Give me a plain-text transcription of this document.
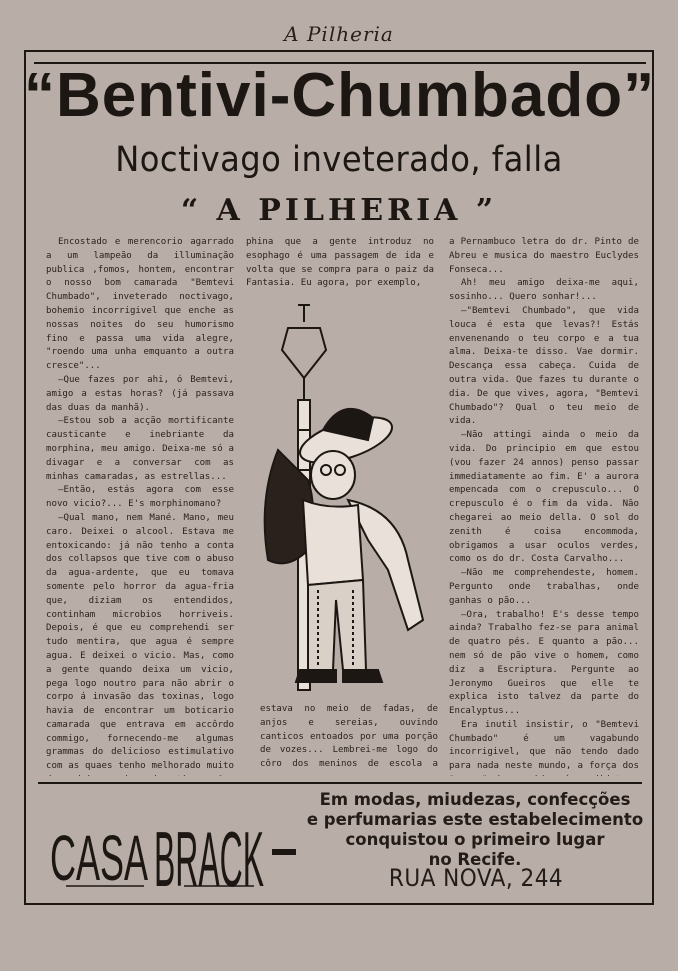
A Pilheria
“Bentivi-Chumbado”
Noctivago inveterado, falla
“ A PILHERIA ”

Encostado e merencorio agarrado a um lampeão da illuminação publica ,fomos, hontem, encontrar o nosso bom camarada "Bemtevi Chumbado", inveterado noctivago, bohemio incorrigivel que enche as nossas noites do seu humorismo fino e passa uma vida alegre, "roendo uma unha emquanto a outra cresce"...

—Que fazes por ahi, ó Bemtevi, amigo a estas horas? (já passava das duas da manhã).

—Estou sob a acção mortificante causticante e inebriante da morphina, meu amigo. Deixa-me só a divagar e a conversar com as minhas camaradas, as estrellas...

—Então, estás agora com esse novo vicio?... E's morphinomano?

—Qual mano, nem Mané. Mano, meu caro. Deixei o alcool. Estava me entoxicando: já não tenho a conta dos collapsos que tive com o abuso da agua-ardente, que eu tomava somente pelo horror da agua-fria que, diziam os entendidos, continham microbios horriveis. Depois, é que eu comprehendi ser tudo mentira, que agua é sempre agua. E deixei o vicio. Mas, como a gente quando deixa um vicio, pega logo noutro para não abrir o corpo á invasão das toxinas, logo havia de encontrar um boticario camarada que entrava em accôrdo commigo, fornecendo-me algumas grammas do delicioso estimulativo com as quaes tenho melhorado muito

phina que a gente introduz no esophago é uma passagem de ida e volta que se compra para o paiz da Fantasia. Eu agora, por exemplo,

estava no meio de fadas, de anjos e sereias, ouvindo canticos entoados por uma porção de vozes... Lembrei-me logo do côro dos meninos de escola a

a Pernambuco letra do dr. Pinto de Abreu e musica do maestro Euclydes Fonseca...

Ah! meu amigo deixa-me aqui, sosinho... Quero sonhar!...

—"Bemtevi Chumbado", que vida louca é esta que levas?! Estás envenenando o teu corpo e a tua alma. Deixa-te disso. Vae dormir. Descança essa cabeça. Cuida de outra vida. Que fazes tu durante o dia. De que vives, agora, "Bemtevi Chumbado"? Qual o teu meio de vida.

—Não attingi ainda o meio da vida. Do principio em que estou (vou fazer 24 annos) penso passar immediatamente ao fim. E' a aurora empencada com o crepusculo... O crepusculo é o fim da vida. Não chegarei ao meio della. O sol do zenith é coisa encommoda, obrigamos a usar oculos verdes, como os do dr. Costa Carvalho...

—Não me comprehendeste, homem. Pergunto onde trabalhas, onde ganhas o pão...

—Ora, trabalho! E's desse tempo ainda? Trabalho fez-se para animal de quatro pés. E quanto a pão... nem só de pão vive o homem, como diz a Escriptura. Pergunte ao Jeronymo Gueiros que elle te explica isto talvez da parte do Encalyptus...

Era inutil insistir, o "Bemtevi Chumbado" é um vagabundo incorrigivel, que não tendo dado para nada neste mundo, a força dos

CASA BRACK
Em modas, miudezas, confecções
e perfumarias este estabelecimento
conquistou o primeiro lugar
no Recife.
RUA NOVA, 244
